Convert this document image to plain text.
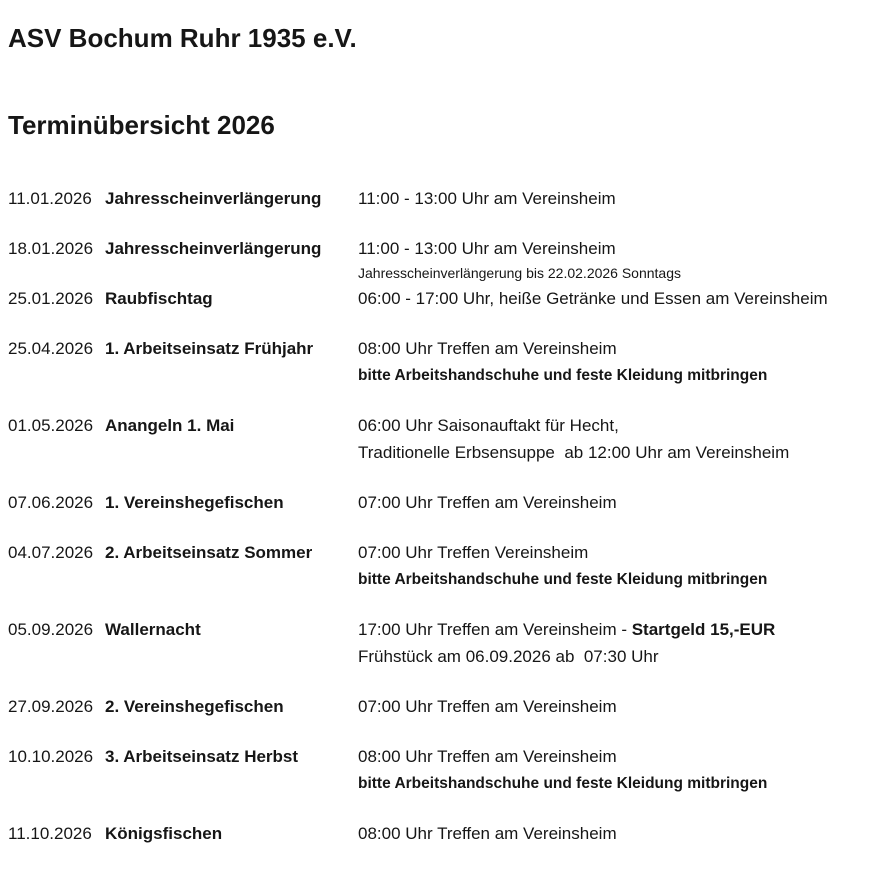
ASV Bochum Ruhr 1935 e.V.
Terminübersicht 2026
11.01.2026 Jahresscheinverlängerung	11:00 - 13:00 Uhr am Vereinsheim
18.01.2026 Jahresscheinverlängerung	11:00 - 13:00 Uhr am Vereinsheim
Jahresscheinverlängerung bis 22.02.2026 Sonntags
25.01.2026 Raubfischtag	06:00 - 17:00 Uhr, heiße Getränke und Essen am Vereinsheim
25.04.2026 1. Arbeitseinsatz Frühjahr	08:00 Uhr Treffen am Vereinsheim
bitte Arbeitshandschuhe und feste Kleidung mitbringen
01.05.2026 Anangeln 1. Mai	06:00 Uhr Saisonauftakt für Hecht,
Traditionelle Erbsensuppe  ab 12:00 Uhr am Vereinsheim
07.06.2026 1. Vereinshegefischen	07:00 Uhr Treffen am Vereinsheim
04.07.2026 2. Arbeitseinsatz Sommer	07:00 Uhr Treffen Vereinsheim
bitte Arbeitshandschuhe und feste Kleidung mitbringen
05.09.2026 Wallernacht	17:00 Uhr Treffen am Vereinsheim - Startgeld 15,-EUR
Frühstück am 06.09.2026 ab  07:30 Uhr
27.09.2026 2. Vereinshegefischen	07:00 Uhr Treffen am Vereinsheim
10.10.2026 3. Arbeitseinsatz Herbst	08:00 Uhr Treffen am Vereinsheim
bitte Arbeitshandschuhe und feste Kleidung mitbringen
11.10.2026 Königsfischen	08:00 Uhr Treffen am Vereinsheim
